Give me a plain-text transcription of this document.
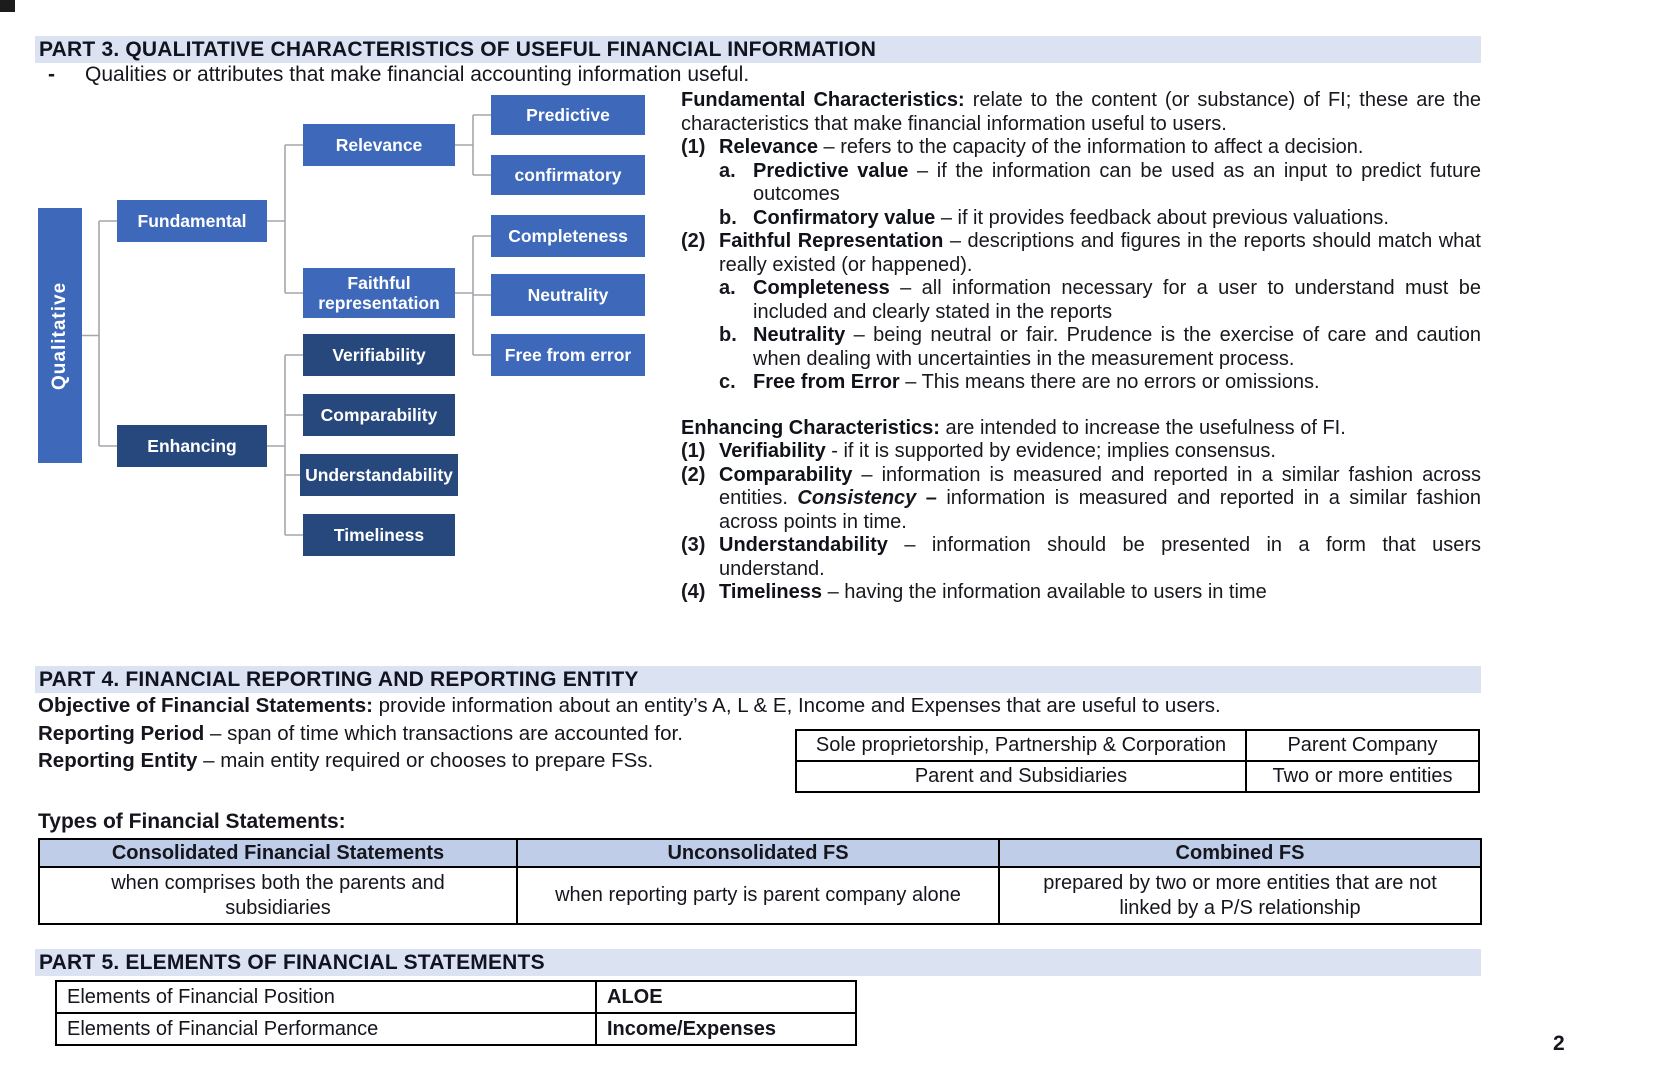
PART 3. QUALITATIVE CHARACTERISTICS OF USEFUL FINANCIAL INFORMATION
-	Qualities or attributes that make financial accounting information useful.
Qualitative
Fundamental
Enhancing
Relevance
Faithful representation
Verifiability
Comparability
Understandability
Timeliness
Predictive
confirmatory
Completeness
Neutrality
Free from error

Fundamental Characteristics: relate to the content (or substance) of FI; these are the characteristics that make financial information useful to users.

(1) Relevance – refers to the capacity of the information to affect a decision.
a. Predictive value – if the information can be used as an input to predict future outcomes
b. Confirmatory value – if it provides feedback about previous valuations.
(2) Faithful Representation – descriptions and figures in the reports should match what really existed (or happened).
a. Completeness – all information necessary for a user to understand must be included and clearly stated in the reports
b. Neutrality – being neutral or fair. Prudence is the exercise of care and caution when dealing with uncertainties in the measurement process.
c. Free from Error – This means there are no errors or omissions.

Enhancing Characteristics: are intended to increase the usefulness of FI.

(1) Verifiability - if it is supported by evidence; implies consensus.
(2) Comparability – information is measured and reported in a similar fashion across entities. Consistency – information is measured and reported in a similar fashion across points in time.
(3) Understandability – information should be presented in a form that users understand.
(4) Timeliness – having the information available to users in time
PART 4. FINANCIAL REPORTING AND REPORTING ENTITY
Objective of Financial Statements: provide information about an entity’s A, L & E, Income and Expenses that are useful to users.
Reporting Period – span of time which transactions are accounted for.
Reporting Entity – main entity required or chooses to prepare FSs.
Sole proprietorship, Partnership & Corporation	Parent Company
Parent and Subsidiaries	Two or more entities
Types of Financial Statements:
Consolidated Financial Statements	Unconsolidated FS	Combined FS
when comprises both the parents and subsidiaries	when reporting party is parent company alone	prepared by two or more entities that are not linked by a P/S relationship
PART 5. ELEMENTS OF FINANCIAL STATEMENTS
Elements of Financial Position	ALOE
Elements of Financial Performance	Income/Expenses
2
